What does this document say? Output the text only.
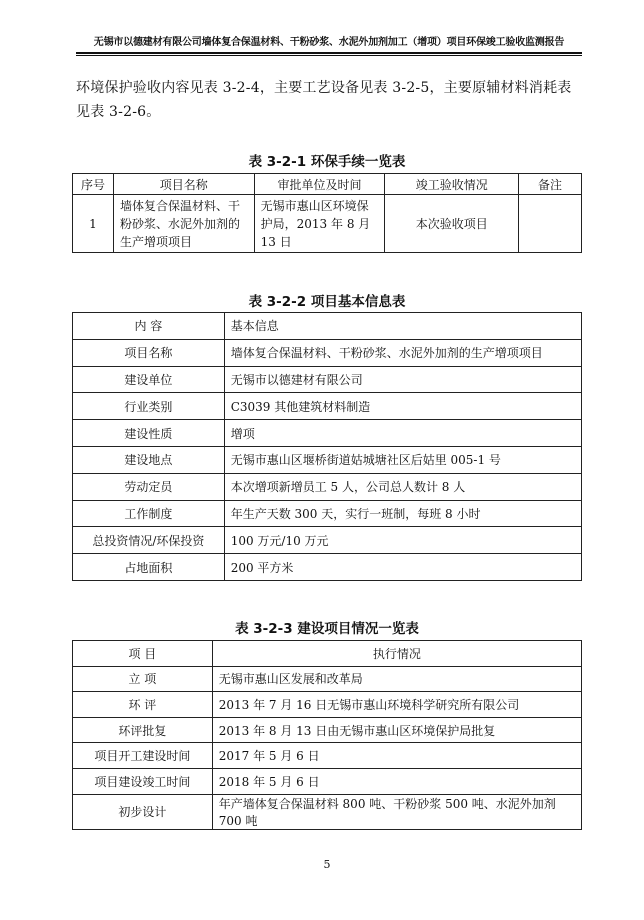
无锡市以德建材有限公司墙体复合保温材料、干粉砂浆、水泥外加剂加工（增项）项目环保竣工验收监测报告
环境保护验收内容见表 3-2-4，主要工艺设备见表 3-2-5，主要原辅材料消耗表见表 3-2-6。
表 3-2-1 环保手续一览表
序号	项目名称	审批单位及时间	竣工验收情况	备注
1	墙体复合保温材料、干粉砂浆、水泥外加剂的生产增项项目	无锡市惠山区环境保护局，2013 年 8 月 13 日	本次验收项目	
表 3-2-2 项目基本信息表
内 容	基本信息
项目名称	墙体复合保温材料、干粉砂浆、水泥外加剂的生产增项项目
建设单位	无锡市以德建材有限公司
行业类别	C3039 其他建筑材料制造
建设性质	增项
建设地点	无锡市惠山区堰桥街道姑城塘社区后姑里 005-1 号
劳动定员	本次增项新增员工 5 人，公司总人数计 8 人
工作制度	年生产天数 300 天，实行一班制，每班 8 小时
总投资情况/环保投资	100 万元/10 万元
占地面积	200 平方米
表 3-2-3 建设项目情况一览表
项 目	执行情况
立 项	无锡市惠山区发展和改革局
环 评	2013 年 7 月 16 日无锡市惠山环境科学研究所有限公司
环评批复	2013 年 8 月 13 日由无锡市惠山区环境保护局批复
项目开工建设时间	2017 年 5 月 6 日
项目建设竣工时间	2018 年 5 月 6 日
初步设计	年产墙体复合保温材料 800 吨、干粉砂浆 500 吨、水泥外加剂 700 吨
5
